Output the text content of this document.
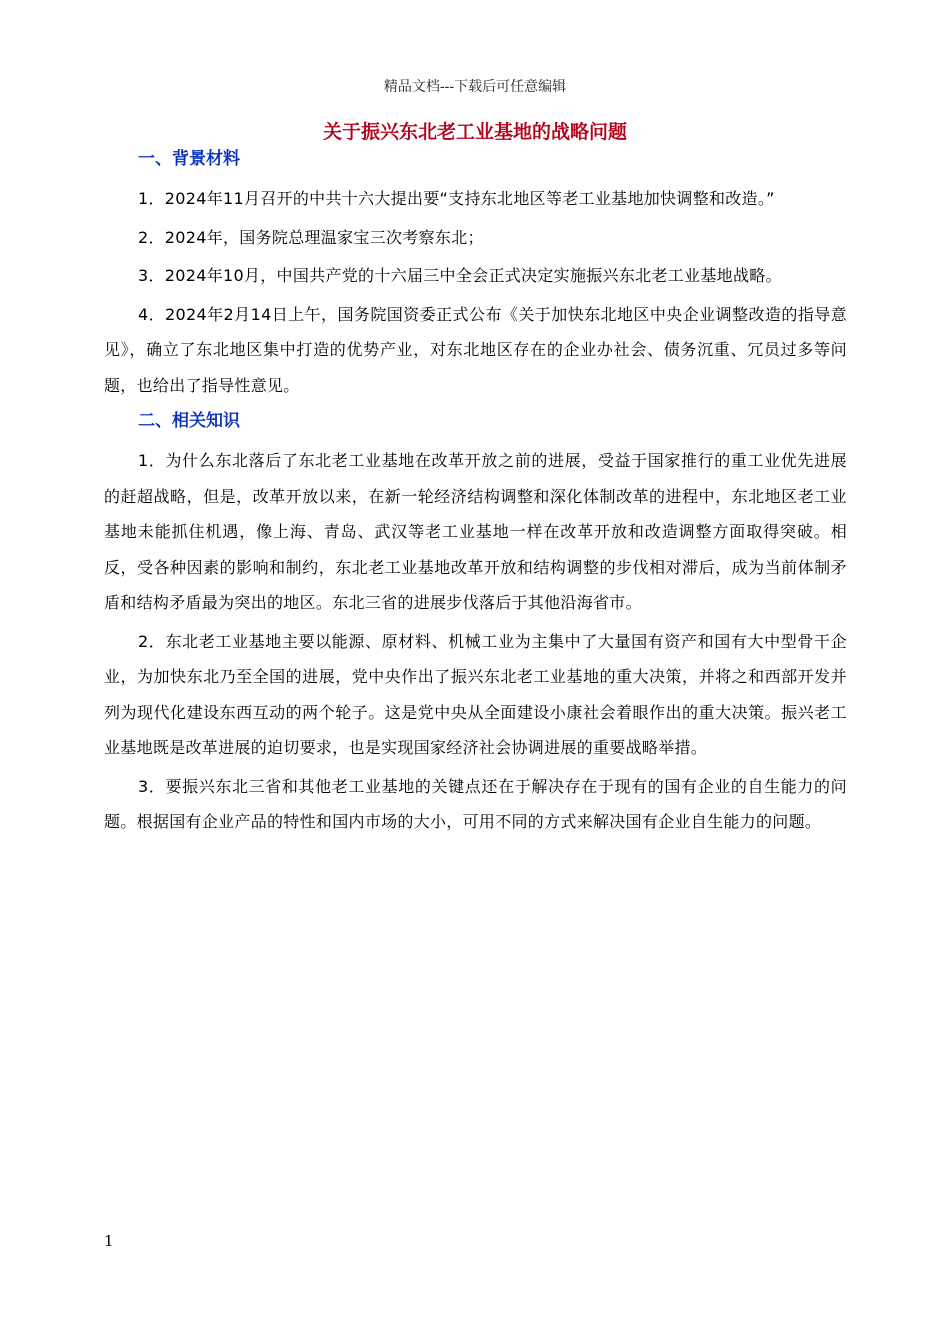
精品文档---下载后可任意编辑
关于振兴东北老工业基地的战略问题
一、背景材料

1．2024年11月召开的中共十六大提出要“支持东北地区等老工业基地加快调整和改造。”

2．2024年，国务院总理温家宝三次考察东北；

3．2024年10月，中国共产党的十六届三中全会正式决定实施振兴东北老工业基地战略。

4．2024年2月14日上午，国务院国资委正式公布《关于加快东北地区中央企业调整改造的指导意见》，确立了东北地区集中打造的优势产业，对东北地区存在的企业办社会、债务沉重、冗员过多等问题，也给出了指导性意见。

二、相关知识

1．为什么东北落后了东北老工业基地在改革开放之前的进展，受益于国家推行的重工业优先进展的赶超战略，但是，改革开放以来，在新一轮经济结构调整和深化体制改革的进程中，东北地区老工业基地未能抓住机遇，像上海、青岛、武汉等老工业基地一样在改革开放和改造调整方面取得突破。相反，受各种因素的影响和制约，东北老工业基地改革开放和结构调整的步伐相对滞后，成为当前体制矛盾和结构矛盾最为突出的地区。东北三省的进展步伐落后于其他沿海省市。

2．东北老工业基地主要以能源、原材料、机械工业为主集中了大量国有资产和国有大中型骨干企业，为加快东北乃至全国的进展，党中央作出了振兴东北老工业基地的重大决策，并将之和西部开发并列为现代化建设东西互动的两个轮子。这是党中央从全面建设小康社会着眼作出的重大决策。振兴老工业基地既是改革进展的迫切要求，也是实现国家经济社会协调进展的重要战略举措。

3．要振兴东北三省和其他老工业基地的关键点还在于解决存在于现有的国有企业的自生能力的问题。根据国有企业产品的特性和国内市场的大小，可用不同的方式来解决国有企业自生能力的问题。

1
